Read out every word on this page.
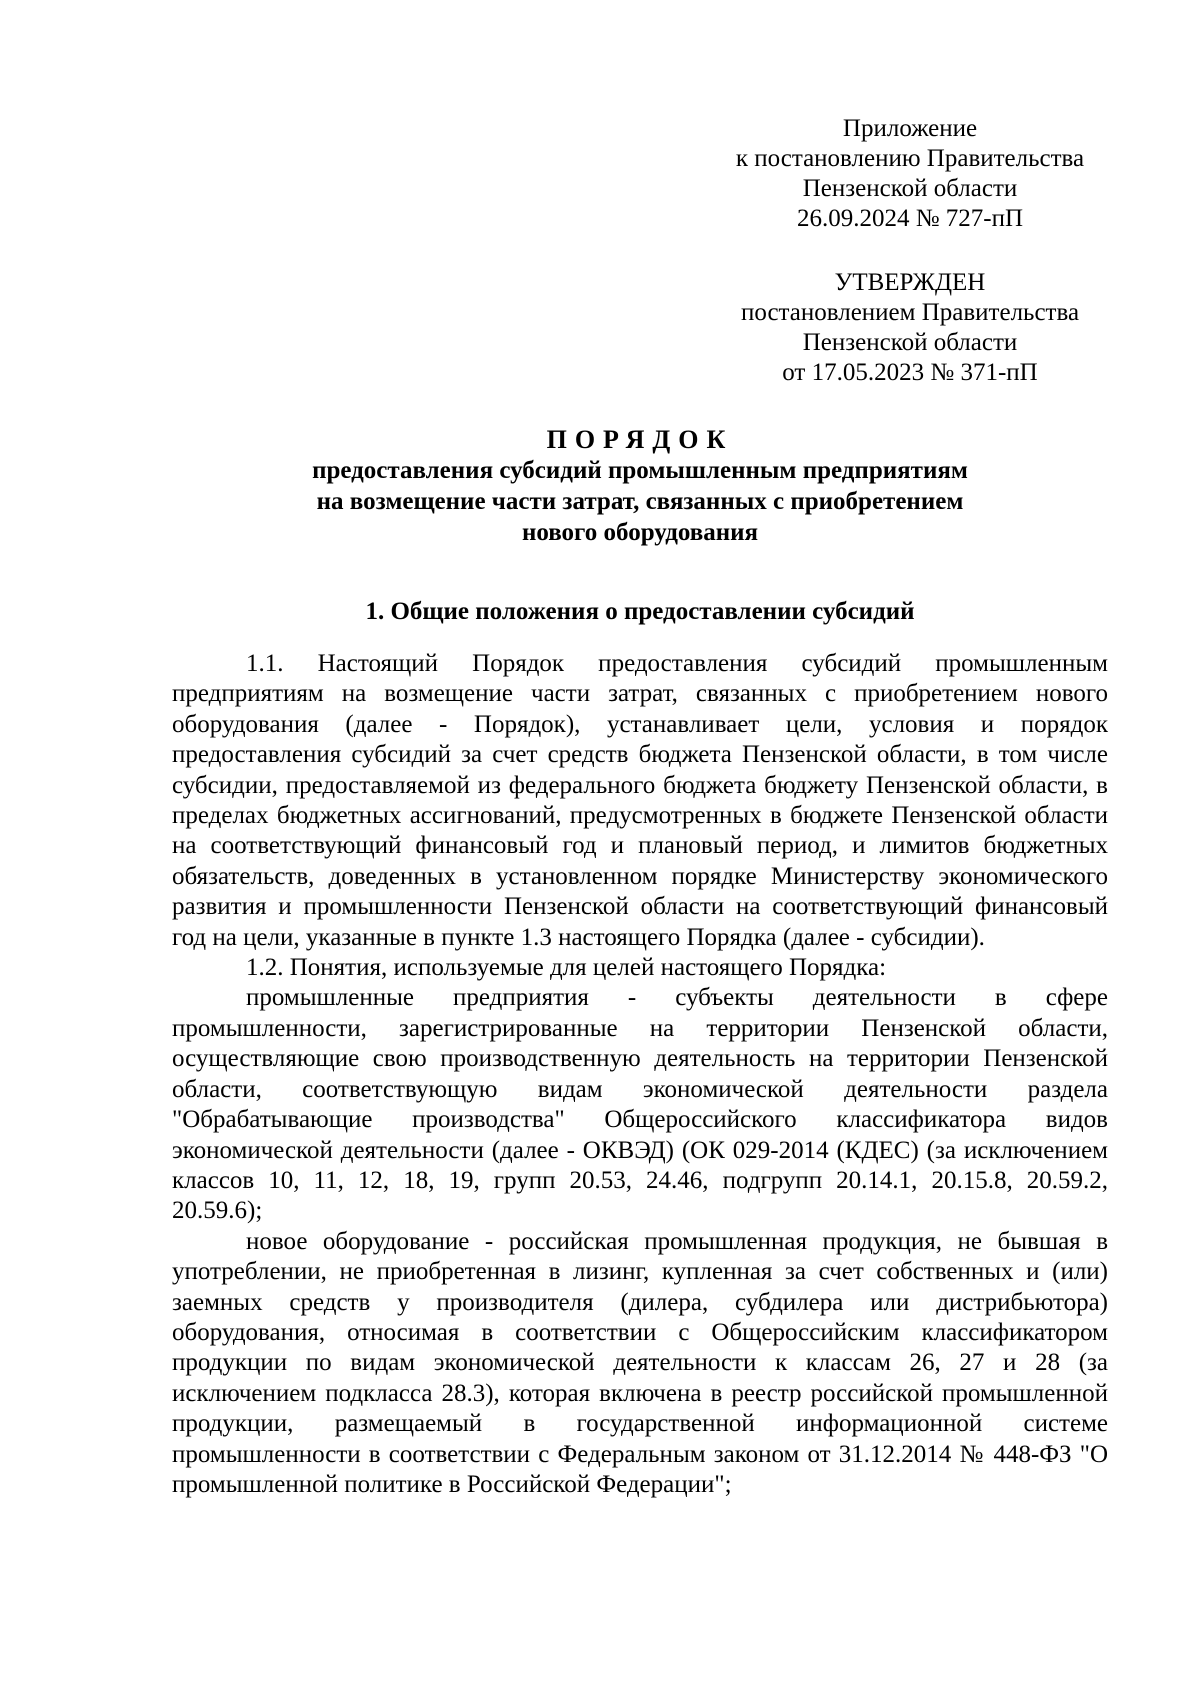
Приложение
к постановлению Правительства
Пензенской области
26.09.2024 № 727-пП
УТВЕРЖДЕН
постановлением Правительства
Пензенской области
от 17.05.2023 № 371-пП
ПОРЯДОК
предоставления субсидий промышленным предприятиям
на возмещение части затрат, связанных с приобретением
нового оборудования
1. Общие положения о предоставлении субсидий

1.1. Настоящий Порядок предоставления субсидий промышленным предприятиям на возмещение части затрат, связанных с приобретением нового оборудования (далее - Порядок), устанавливает цели, условия и порядок предоставления субсидий за счет средств бюджета Пензенской области, в том числе субсидии, предоставляемой из федерального бюджета бюджету Пензенской области, в пределах бюджетных ассигнований, предусмотренных в бюджете Пензенской области на соответствующий финансовый год и плановый период, и лимитов бюджетных обязательств, доведенных в установленном порядке Министерству экономического развития и промышленности Пензенской области на соответствующий финансовый год на цели, указанные в пункте 1.3 настоящего Порядка (далее - субсидии).

1.2. Понятия, используемые для целей настоящего Порядка:

промышленные предприятия - субъекты деятельности в сфере промышленности, зарегистрированные на территории Пензенской области, осуществляющие свою производственную деятельность на территории Пензенской области, соответствующую видам экономической деятельности раздела "Обрабатывающие производства" Общероссийского классификатора видов экономической деятельности (далее - ОКВЭД) (ОК 029-2014 (КДЕС) (за исключением классов 10, 11, 12, 18, 19, групп 20.53, 24.46, подгрупп 20.14.1, 20.15.8, 20.59.2, 20.59.6);

новое оборудование - российская промышленная продукция, не бывшая в употреблении, не приобретенная в лизинг, купленная за счет собственных и (или) заемных средств у производителя (дилера, субдилера или дистрибьютора) оборудования, относимая в соответствии с Общероссийским классификатором продукции по видам экономической деятельности к классам 26, 27 и 28 (за исключением подкласса 28.3), которая включена в реестр российской промышленной продукции, размещаемый в государственной информационной системе промышленности в соответствии с Федеральным законом от 31.12.2014 № 448-ФЗ "О промышленной политике в Российской Федерации";
